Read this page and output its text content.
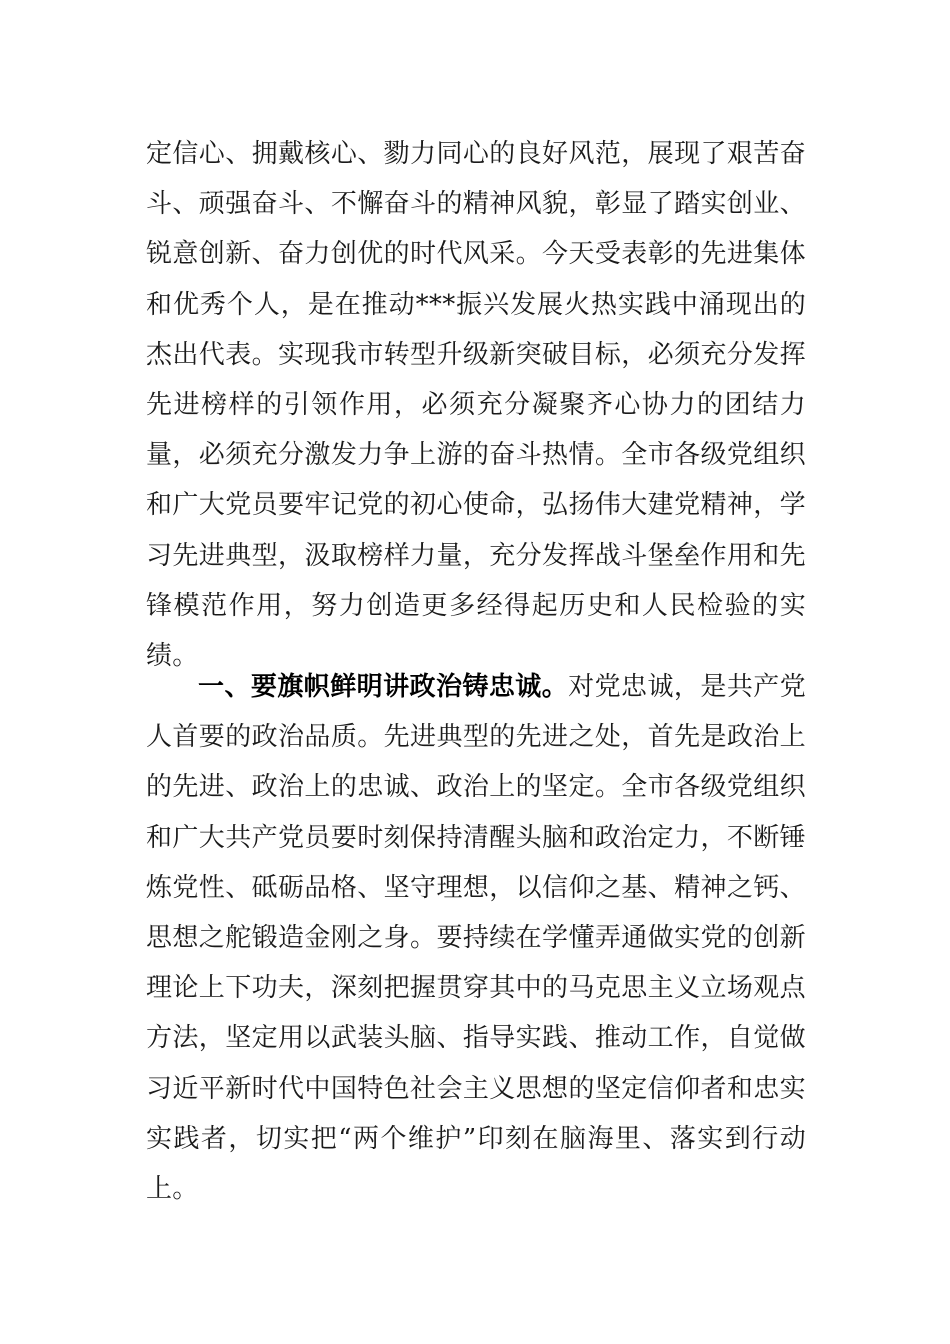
定信心、拥戴核心、勠力同心的良好风范，展现了艰苦奋斗、顽强奋斗、不懈奋斗的精神风貌，彰显了踏实创业、锐意创新、奋力创优的时代风采。今天受表彰的先进集体和优秀个人，是在推动***振兴发展火热实践中涌现出的杰出代表。实现我市转型升级新突破目标，必须充分发挥先进榜样的引领作用，必须充分凝聚齐心协力的团结力量，必须充分激发力争上游的奋斗热情。全市各级党组织和广大党员要牢记党的初心使命，弘扬伟大建党精神，学习先进典型，汲取榜样力量，充分发挥战斗堡垒作用和先锋模范作用，努力创造更多经得起历史和人民检验的实绩。

一、要旗帜鲜明讲政治铸忠诚。对党忠诚，是共产党人首要的政治品质。先进典型的先进之处，首先是政治上的先进、政治上的忠诚、政治上的坚定。全市各级党组织和广大共产党员要时刻保持清醒头脑和政治定力，不断锤炼党性、砥砺品格、坚守理想，以信仰之基、精神之钙、思想之舵锻造金刚之身。要持续在学懂弄通做实党的创新理论上下功夫，深刻把握贯穿其中的马克思主义立场观点方法，坚定用以武装头脑、指导实践、推动工作，自觉做习近平新时代中国特色社会主义思想的坚定信仰者和忠实实践者，切实把“两个维护”印刻在脑海里、落实到行动上。
